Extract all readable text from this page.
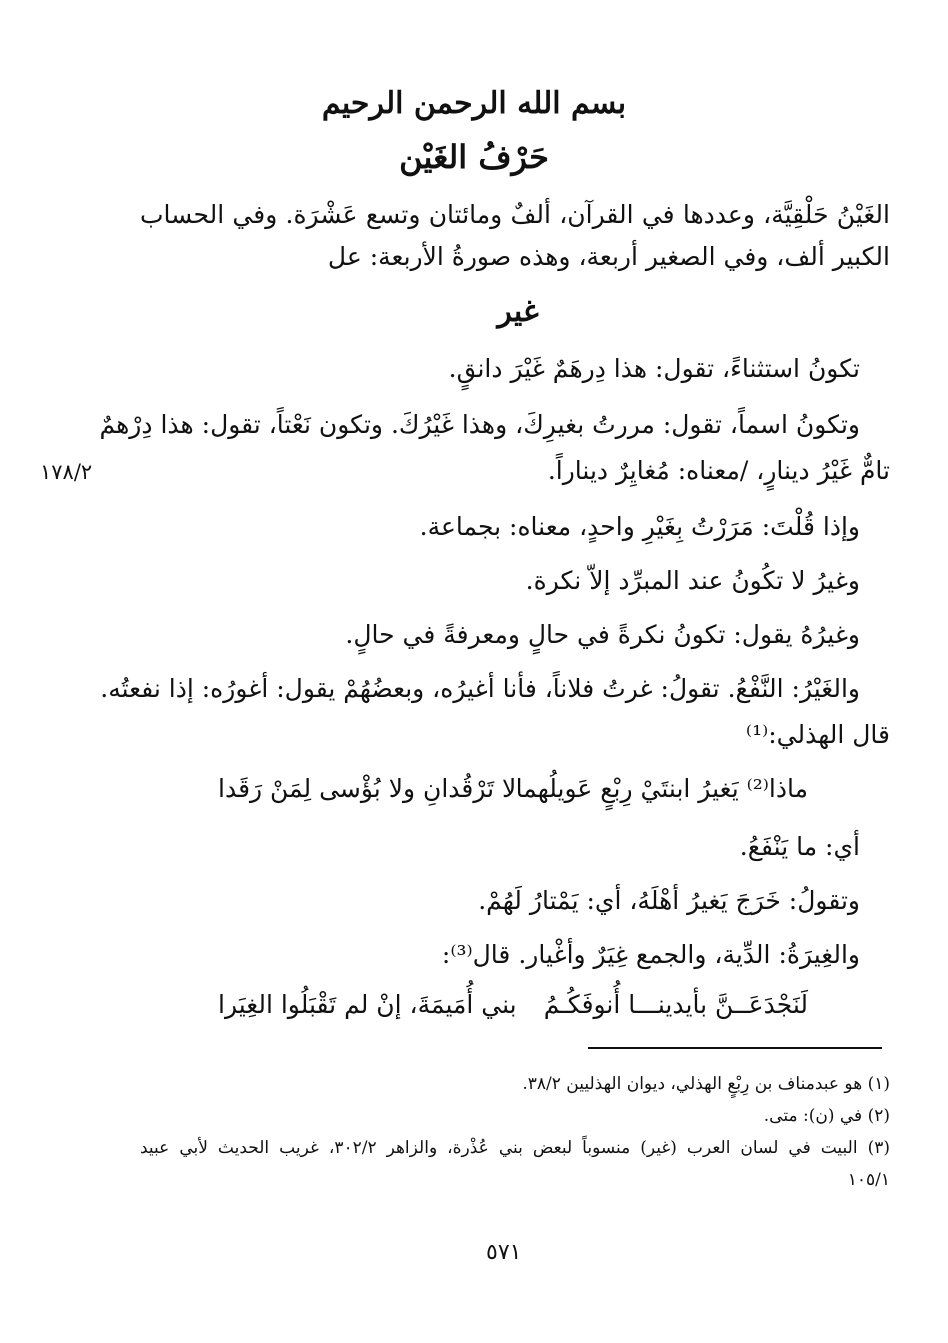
بسم الله الرحمن الرحيم
حَرْفُ الغَيْن
الغَيْنُ حَلْقِيَّة، وعددها في القرآن، ألفٌ ومائتان وتسع عَشْرَة. وفي الحساب
الكبير ألف، وفي الصغير أربعة، وهذه صورةُ الأربعة: عل
غير
تكونُ استثناءً، تقول: هذا دِرهَمٌ غَيْرَ دانقٍ.
وتكونُ اسماً، تقول: مررتُ بغيرِكَ، وهذا غَيْرُكَ. وتكون نَعْتاً، تقول: هذا دِرْهمٌ
تامٌّ غَيْرُ دينارٍ، /معناه: مُغايِرٌ ديناراً.
١٧٨/٢
وإذا قُلْتَ: مَرَرْتُ بِغَيْرِ واحدٍ، معناه: بجماعة.
وغيرُ لا تكُونُ عند المبرِّد إلاّ نكرة.
وغيرُهُ يقول: تكونُ نكرةً في حالٍ ومعرفةً في حالٍ.
والغَيْرُ: النَّفْعُ. تقولُ: غرتُ فلاناً، فأنا أغيرُه، وبعضُهُمْ يقول: أغورُه: إذا نفعتُه.
قال الهذلي:⁽¹⁾
ماذا⁽²⁾ يَغيرُ ابنتَيْ رِبْعٍ عَويلُهما
لا تَرْقُدانِ ولا بُؤْسى لِمَنْ رَقَدا
أي: ما يَنْفَعُ.
وتقولُ: خَرَجَ يَغيرُ أهْلَهُ، أي: يَمْتارُ لَهُمْ.
والغِيرَةُ: الدِّية، والجمع غِيَرٌ وأغْيار. قال⁽³⁾:
لَنَجْدَعَــنَّ بأيدينـــا أُنوفَكُـمُ
بني أُمَيمَةَ، إنْ لم تَقْبَلُوا الغِيَرا
(١) هو عبدمناف بن رِبْعٍ الهذلي، ديوان الهذليين ٣٨/٢.
(٢) في (ن): متى.
(٣) البيت في لسان العرب (غير) منسوباً لبعض بني عُذْرة، والزاهر ٣٠٢/٢، غريب الحديث لأبي عبيد
١٠٥/١
٥٧١
